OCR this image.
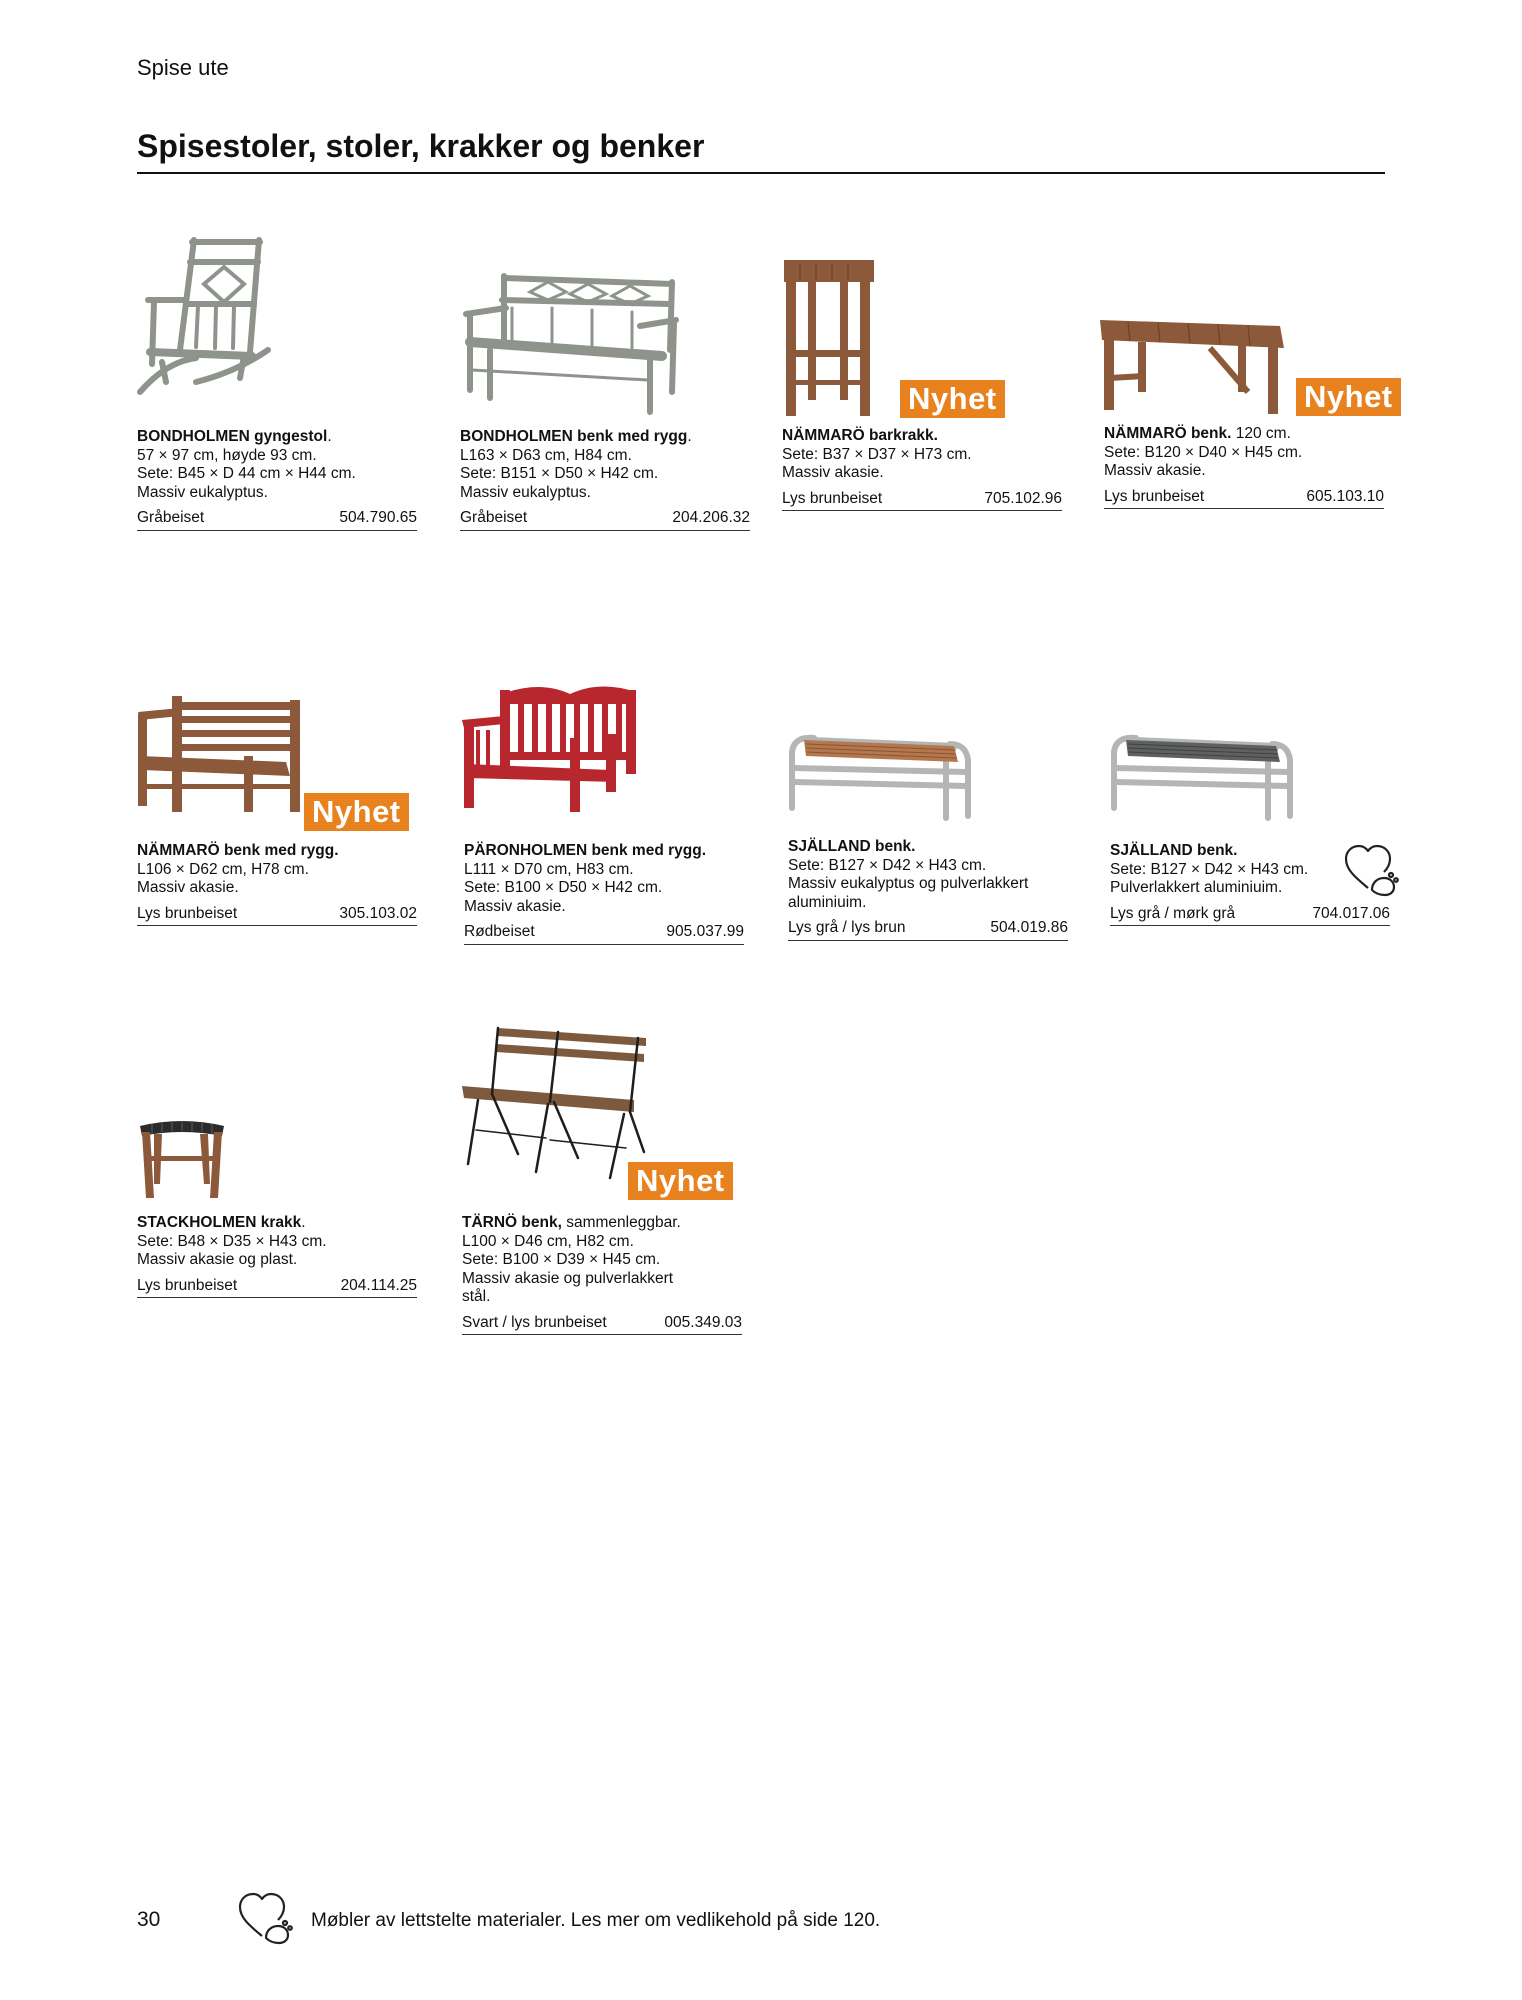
Spise ute
Spisestoler, stoler, krakker og benker
Nyhet	Nyhet
Nyhet
Nyhet
BONDHOLMEN gyngestol.
57 × 97 cm, høyde 93 cm.
Sete: B45 × D 44 cm × H44 cm.
Massiv eukalyptus.
Gråbeiset	504.790.65
BONDHOLMEN benk med rygg.
L163 × D63 cm, H84 cm.
Sete: B151 × D50 × H42 cm.
Massiv eukalyptus.
Gråbeiset	204.206.32
NÄMMARÖ barkrakk.
Sete: B37 × D37 × H73 cm.
Massiv akasie.
Lys brunbeiset	705.102.96
NÄMMARÖ benk. 120 cm.
Sete: B120 × D40 × H45 cm.
Massiv akasie.
Lys brunbeiset	605.103.10
NÄMMARÖ benk med rygg.
L106 × D62 cm, H78 cm.
Massiv akasie.
Lys brunbeiset	305.103.02
PÄRONHOLMEN benk med rygg.
L111 × D70 cm, H83 cm.
Sete: B100 × D50 × H42 cm.
Massiv akasie.
Rødbeiset	905.037.99
SJÄLLAND benk.
Sete: B127 × D42 × H43 cm.
Massiv eukalyptus og pulverlakkert
aluminiuim.
Lys grå / lys brun	504.019.86
SJÄLLAND benk.
Sete: B127 × D42 × H43 cm.
Pulverlakkert aluminiuim.
Lys grå / mørk grå	704.017.06
STACKHOLMEN krakk.
Sete: B48 × D35 × H43 cm.
Massiv akasie og plast.
Lys brunbeiset	204.114.25
TÄRNÖ benk, sammenleggbar.
L100 × D46 cm, H82 cm.
Sete: B100 × D39 × H45 cm.
Massiv akasie og pulverlakkert
stål.
Svart / lys brunbeiset	005.349.03
30	Møbler av lettstelte materialer. Les mer om vedlikehold på side 120.
